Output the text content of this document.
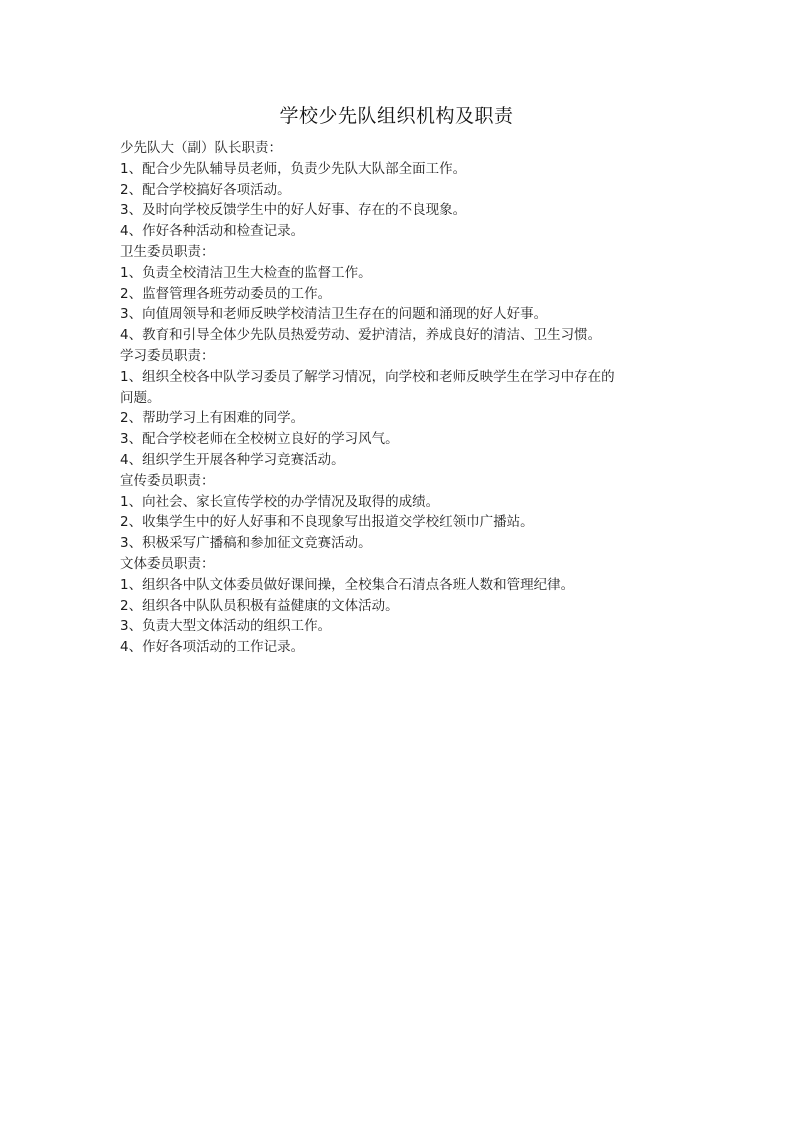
学校少先队组织机构及职责
少先队大（副）队长职责：
1、配合少先队辅导员老师，负责少先队大队部全面工作。
2、配合学校搞好各项活动。
3、及时向学校反馈学生中的好人好事、存在的不良现象。
4、作好各种活动和检查记录。
卫生委员职责：
1、负责全校清洁卫生大检查的监督工作。
2、监督管理各班劳动委员的工作。
3、向值周领导和老师反映学校清洁卫生存在的问题和涌现的好人好事。
4、教育和引导全体少先队员热爱劳动、爱护清洁，养成良好的清洁、卫生习惯。
学习委员职责：
1、组织全校各中队学习委员了解学习情况，向学校和老师反映学生在学习中存在的问题。
2、帮助学习上有困难的同学。
3、配合学校老师在全校树立良好的学习风气。
4、组织学生开展各种学习竞赛活动。
宣传委员职责：
1、向社会、家长宣传学校的办学情况及取得的成绩。
2、收集学生中的好人好事和不良现象写出报道交学校红领巾广播站。
3、积极采写广播稿和参加征文竞赛活动。
文体委员职责：
1、组织各中队文体委员做好课间操，全校集合石清点各班人数和管理纪律。
2、组织各中队队员积极有益健康的文体活动。
3、负责大型文体活动的组织工作。
4、作好各项活动的工作记录。
